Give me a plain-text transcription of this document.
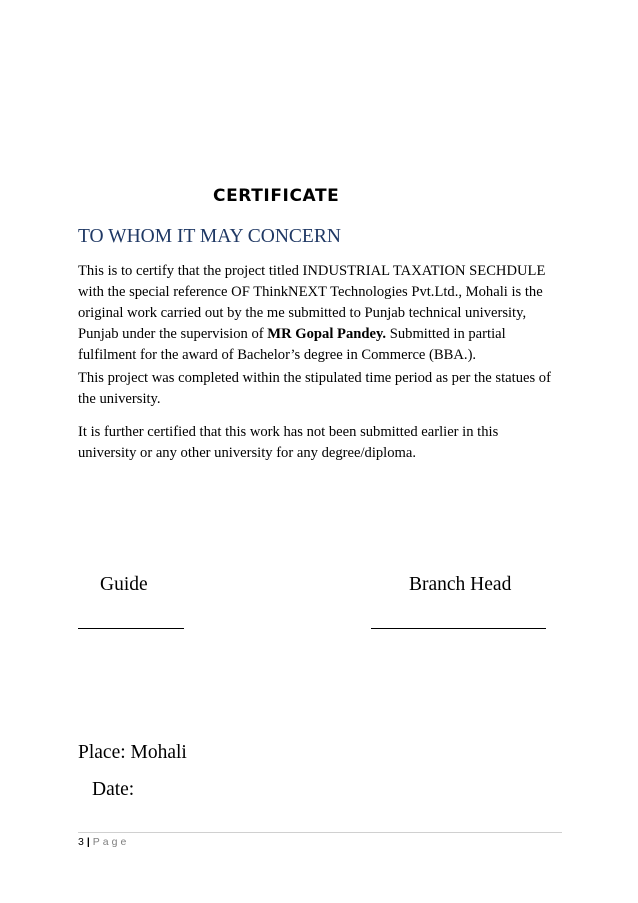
CERTIFICATE

TO WHOM IT MAY CONCERN

This is to certify that the project titled INDUSTRIAL TAXATION SECHDULE with the special reference OF ThinkNEXT Technologies Pvt.Ltd., Mohali is the original work carried out by the me submitted to Punjab technical university, Punjab under the supervision of MR Gopal Pandey. Submitted in partial fulfilment for the award of Bachelor’s degree in Commerce (BBA.).

This project was completed within the stipulated time period as per the statues of the university.

It is further certified that this work has not been submitted earlier in this university or any other university for any degree/diploma.

Guide	Branch Head

Place: Mohali

Date:

3 | Page
